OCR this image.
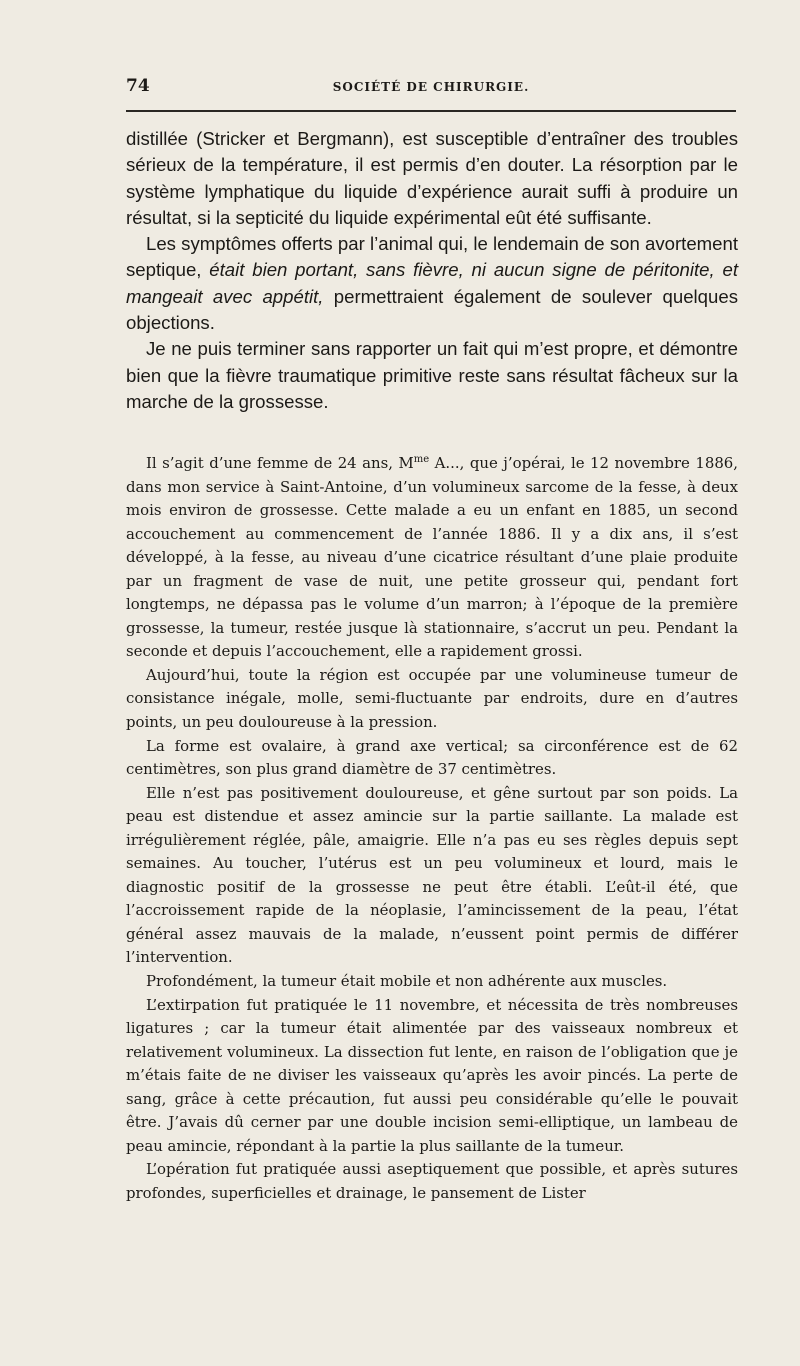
74	SOCIÉTÉ DE CHIRURGIE.

distillée (Stricker et Bergmann), est susceptible d’entraîner des troubles sérieux de la température, il est permis d’en douter. La résorption par le système lymphatique du liquide d’expérience aurait suffi à produire un résultat, si la septicité du liquide expérimental eût été suffisante.

Les symptômes offerts par l’animal qui, le lendemain de son avortement septique, était bien portant, sans fièvre, ni aucun signe de péritonite, et mangeait avec appétit, permettraient également de soulever quelques objections.

Je ne puis terminer sans rapporter un fait qui m’est propre, et démontre bien que la fièvre traumatique primitive reste sans résultat fâcheux sur la marche de la grossesse.

Il s’agit d’une femme de 24 ans, $M^{me}$ A..., que j’opérai, le 12 novembre 1886, dans mon service à Saint-Antoine, d’un volumineux sarcome de la fesse, à deux mois environ de grossesse. Cette malade a eu un enfant en 1885, un second accouchement au commencement de l’année 1886. Il y a dix ans, il s’est développé, à la fesse, au niveau d’une cicatrice résultant d’une plaie produite par un fragment de vase de nuit, une petite grosseur qui, pendant fort longtemps, ne dépassa pas le volume d’un marron; à l’époque de la première grossesse, la tumeur, restée jusque là stationnaire, s’accrut un peu. Pendant la seconde et depuis l’accouchement, elle a rapidement grossi.

Aujourd’hui, toute la région est occupée par une volumineuse tumeur de consistance inégale, molle, semi-fluctuante par endroits, dure en d’autres points, un peu douloureuse à la pression.

La forme est ovalaire, à grand axe vertical; sa circonférence est de 62 centimètres, son plus grand diamètre de 37 centimètres.

Elle n’est pas positivement douloureuse, et gêne surtout par son poids. La peau est distendue et assez amincie sur la partie saillante. La malade est irrégulièrement réglée, pâle, amaigrie. Elle n’a pas eu ses règles depuis sept semaines. Au toucher, l’utérus est un peu volumineux et lourd, mais le diagnostic positif de la grossesse ne peut être établi. L’eût-il été, que l’accroissement rapide de la néoplasie, l’amincissement de la peau, l’état général assez mauvais de la malade, n’eussent point permis de différer l’intervention.

Profondément, la tumeur était mobile et non adhérente aux muscles.

L’extirpation fut pratiquée le 11 novembre, et nécessita de très nombreuses ligatures ; car la tumeur était alimentée par des vaisseaux nombreux et relativement volumineux. La dissection fut lente, en raison de l’obligation que je m’étais faite de ne diviser les vaisseaux qu’après les avoir pincés. La perte de sang, grâce à cette précaution, fut aussi peu considérable qu’elle le pouvait être. J’avais dû cerner par une double incision semi-elliptique, un lambeau de peau amincie, répondant à la partie la plus saillante de la tumeur.

L’opération fut pratiquée aussi aseptiquement que possible, et après sutures profondes, superficielles et drainage, le pansement de Lister
